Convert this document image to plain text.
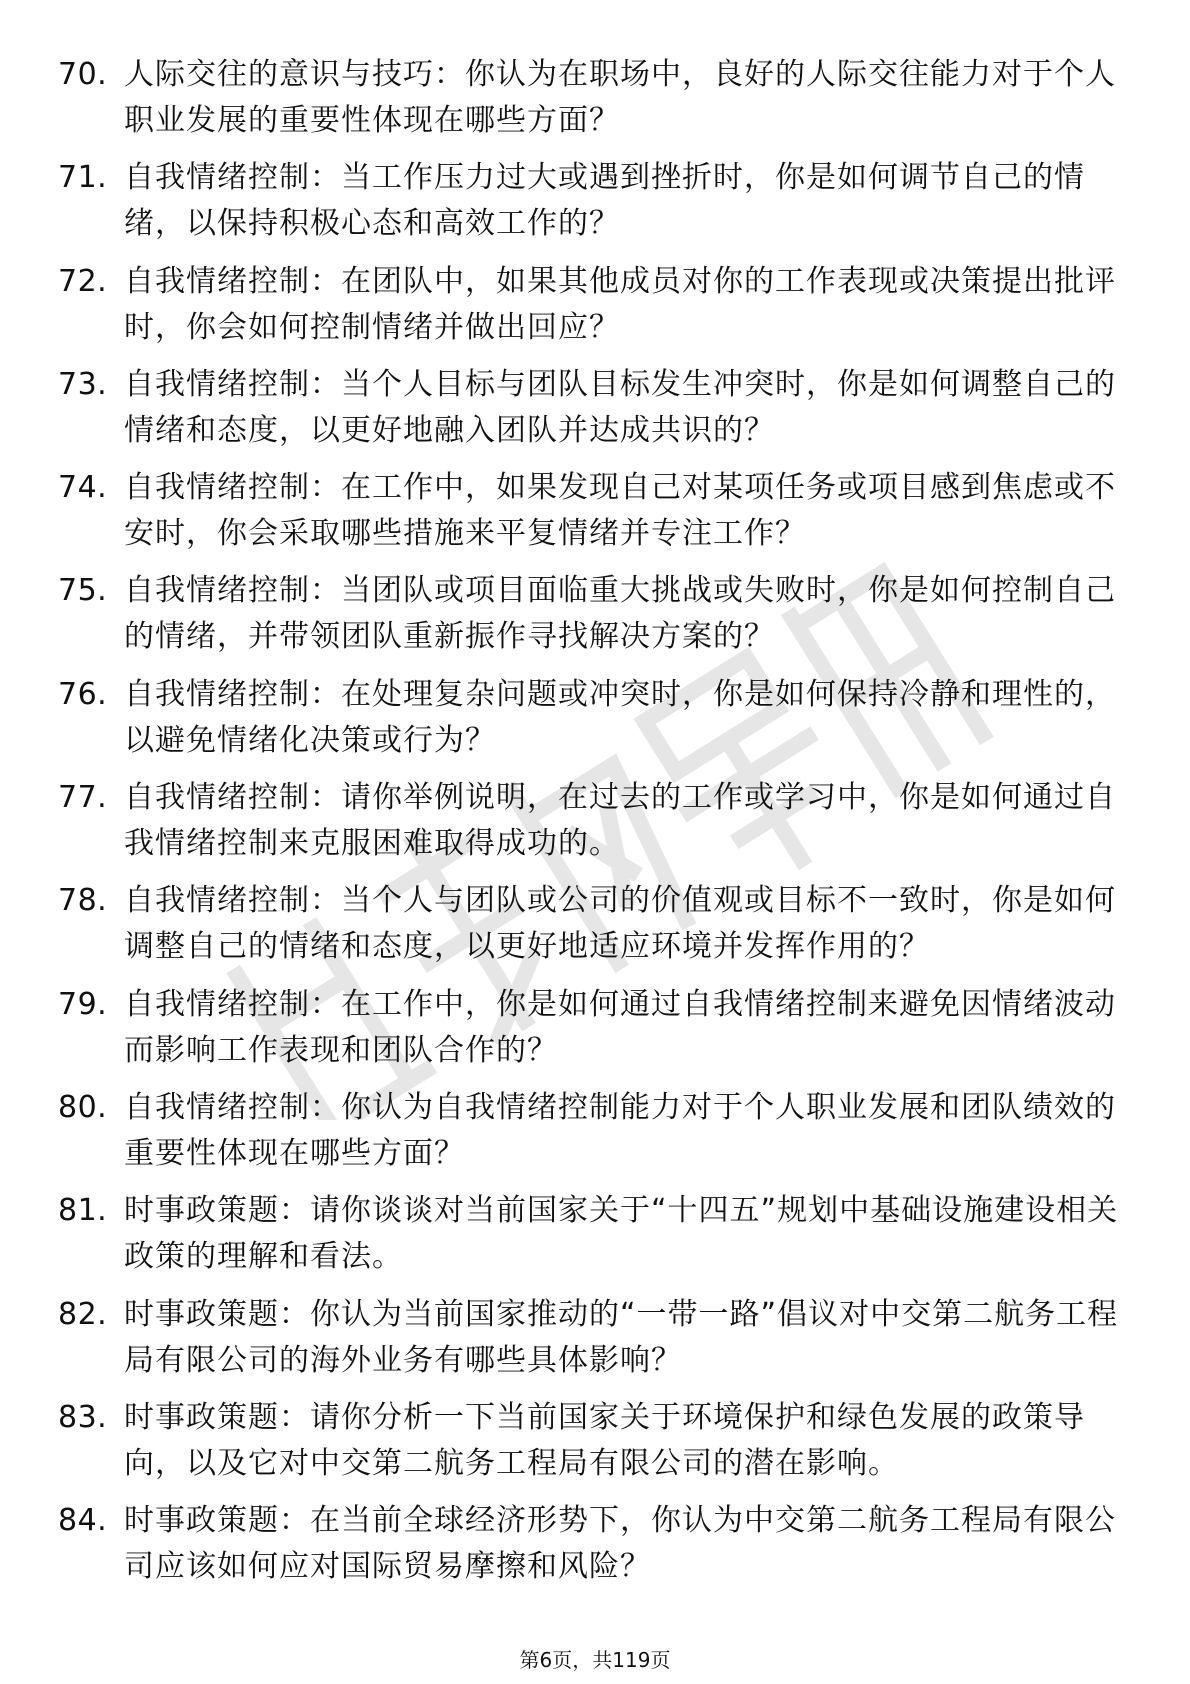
70. 人际交往的意识与技巧：你认为在职场中，良好的人际交往能力对于个人职业发展的重要性体现在哪些方面？
71. 自我情绪控制：当工作压力过大或遇到挫折时，你是如何调节自己的情绪，以保持积极心态和高效工作的？
72. 自我情绪控制：在团队中，如果其他成员对你的工作表现或决策提出批评时，你会如何控制情绪并做出回应？
73. 自我情绪控制：当个人目标与团队目标发生冲突时，你是如何调整自己的情绪和态度，以更好地融入团队并达成共识的？
74. 自我情绪控制：在工作中，如果发现自己对某项任务或项目感到焦虑或不安时，你会采取哪些措施来平复情绪并专注工作？
75. 自我情绪控制：当团队或项目面临重大挑战或失败时，你是如何控制自己的情绪，并带领团队重新振作寻找解决方案的？
76. 自我情绪控制：在处理复杂问题或冲突时，你是如何保持冷静和理性的，以避免情绪化决策或行为？
77. 自我情绪控制：请你举例说明，在过去的工作或学习中，你是如何通过自我情绪控制来克服困难取得成功的。
78. 自我情绪控制：当个人与团队或公司的价值观或目标不一致时，你是如何调整自己的情绪和态度，以更好地适应环境并发挥作用的？
79. 自我情绪控制：在工作中，你是如何通过自我情绪控制来避免因情绪波动而影响工作表现和团队合作的？
80. 自我情绪控制：你认为自我情绪控制能力对于个人职业发展和团队绩效的重要性体现在哪些方面？
81. 时事政策题：请你谈谈对当前国家关于“十四五”规划中基础设施建设相关政策的理解和看法。
82. 时事政策题：你认为当前国家推动的“一带一路”倡议对中交第二航务工程局有限公司的海外业务有哪些具体影响？
83. 时事政策题：请你分析一下当前国家关于环境保护和绿色发展的政策导向，以及它对中交第二航务工程局有限公司的潜在影响。
84. 时事政策题：在当前全球经济形势下，你认为中交第二航务工程局有限公司应该如何应对国际贸易摩擦和风险？
第6页，共119页
